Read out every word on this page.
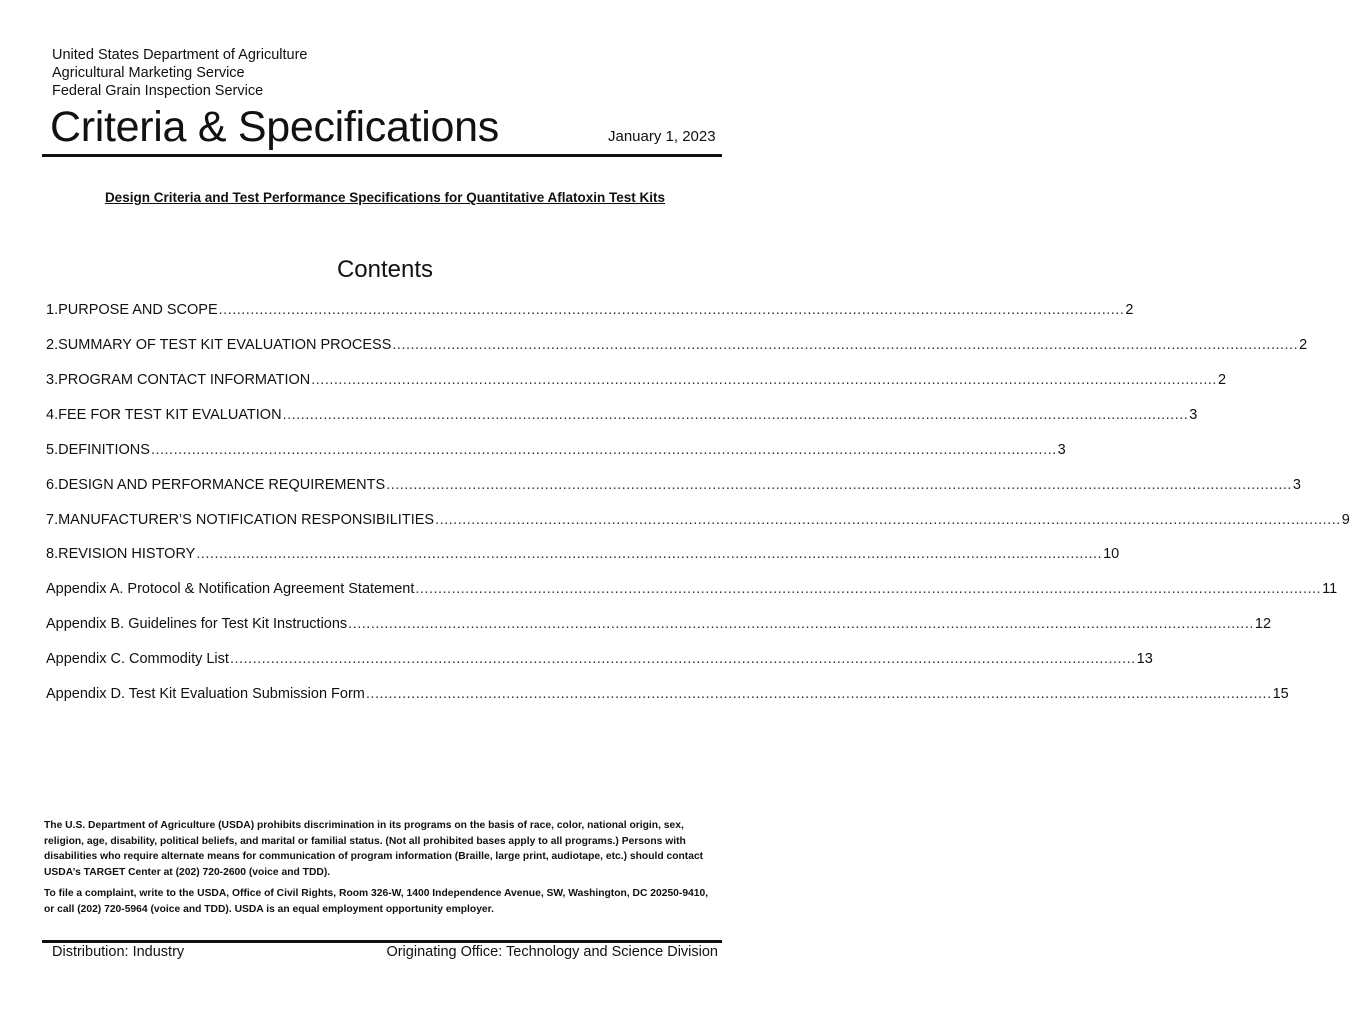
United States Department of Agriculture
Agricultural Marketing Service
Federal Grain Inspection Service
Criteria & Specifications	January 1, 2023
Design Criteria and Test Performance Specifications for Quantitative Aflatoxin Test Kits
Contents
1. PURPOSE AND SCOPE ........................................................................................................................................................................................................ 2
2. SUMMARY OF TEST KIT EVALUATION PROCESS ........................................................................................................................................................................................................ 2
3. PROGRAM CONTACT INFORMATION ........................................................................................................................................................................................................ 2
4. FEE FOR TEST KIT EVALUATION ........................................................................................................................................................................................................ 3
5. DEFINITIONS ........................................................................................................................................................................................................ 3
6. DESIGN AND PERFORMANCE REQUIREMENTS ........................................................................................................................................................................................................ 3
7. MANUFACTURER’S NOTIFICATION RESPONSIBILITIES ........................................................................................................................................................................................................ 9
8. REVISION HISTORY ........................................................................................................................................................................................................ 10
Appendix A. Protocol & Notification Agreement Statement ........................................................................................................................................................................................................ 11
Appendix B. Guidelines for Test Kit Instructions ........................................................................................................................................................................................................ 12
Appendix C. Commodity List ........................................................................................................................................................................................................ 13
Appendix D. Test Kit Evaluation Submission Form ........................................................................................................................................................................................................ 15

The U.S. Department of Agriculture (USDA) prohibits discrimination in its programs on the basis of race, color, national origin, sex, religion, age, disability, political beliefs, and marital or familial status. (Not all prohibited bases apply to all programs.) Persons with disabilities who require alternate means for communication of program information (Braille, large print, audiotape, etc.) should contact USDA’s TARGET Center at (202) 720-2600 (voice and TDD).

To file a complaint, write to the USDA, Office of Civil Rights, Room 326-W, 1400 Independence Avenue, SW, Washington, DC 20250-9410, or call (202) 720-5964 (voice and TDD). USDA is an equal employment opportunity employer.

Distribution: Industry	Originating Office: Technology and Science Division
